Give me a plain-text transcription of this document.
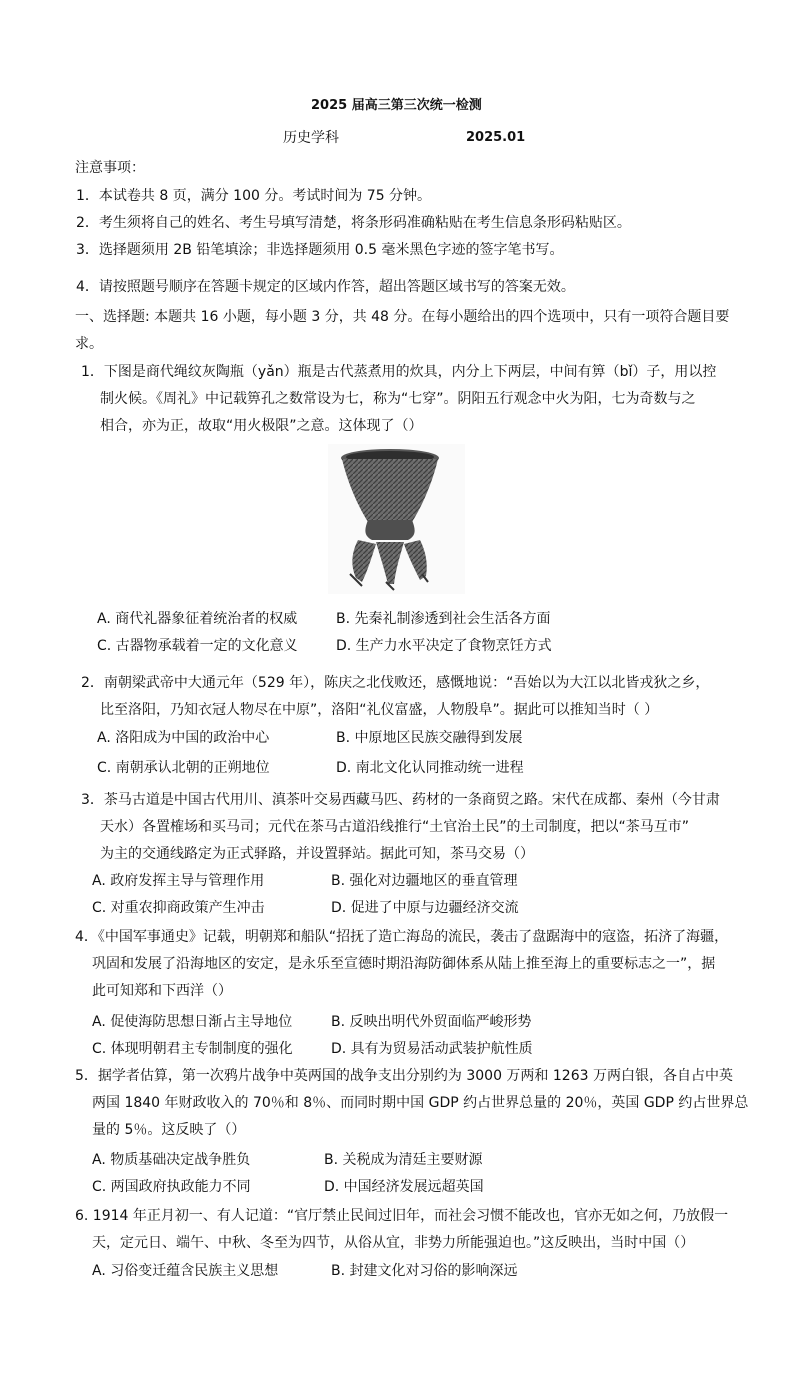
2025 届高三第三次统一检测
历史学科	2025.01
注意事项：
1．本试卷共 8 页，满分 100 分。考试时间为 75 分钟。
2．考生须将自己的姓名、考生号填写清楚，将条形码准确粘贴在考生信息条形码粘贴区。
3．选择题须用 2B 铅笔填涂；非选择题须用 0.5 毫米黑色字迹的签字笔书写。
4．请按照题号顺序在答题卡规定的区域内作答，超出答题区域书写的答案无效。
一、选择题: 本题共 16 小题，每小题 3 分，共 48 分。在每小题给出的四个选项中，只有一项符合题目要
求。
1．下图是商代绳纹灰陶瓶（yǎn）瓶是古代蒸煮用的炊具，内分上下两层，中间有箅（bǐ）子，用以控
制火候。《周礼》中记载箅孔之数常设为七，称为“七穿”。阴阳五行观念中火为阳，七为奇数与之
相合，亦为正，故取“用火极限”之意。这体现了（）
A. 商代礼器象征着统治者的权威	B. 先秦礼制渗透到社会生活各方面
C. 古器物承载着一定的文化意义	D. 生产力水平决定了食物烹饪方式
2．南朝梁武帝中大通元年（529 年），陈庆之北伐败还，感慨地说：“吾始以为大江以北皆戎狄之乡，
比至洛阳，乃知衣冠人物尽在中原”，洛阳“礼仪富盛，人物殷阜”。据此可以推知当时（ ）
A. 洛阳成为中国的政治中心	B. 中原地区民族交融得到发展
C. 南朝承认北朝的正朔地位	D. 南北文化认同推动统一进程
3．茶马古道是中国古代用川、滇茶叶交易西藏马匹、药材的一条商贸之路。宋代在成都、秦州（今甘肃
天水）各置榷场和买马司；元代在茶马古道沿线推行“土官治土民”的土司制度，把以“茶马互市”
为主的交通线路定为正式驿路，并设置驿站。据此可知，茶马交易（）
A. 政府发挥主导与管理作用	B. 强化对边疆地区的垂直管理
C. 对重农抑商政策产生冲击	D. 促进了中原与边疆经济交流
4．《中国军事通史》记载，明朝郑和船队“招抚了造亡海岛的流民，袭击了盘踞海中的寇盗，拓济了海疆，
巩固和发展了沿海地区的安定，是永乐至宣德时期沿海防御体系从陆上推至海上的重要标志之一”，据
此可知郑和下西洋（）
A. 促使海防思想日渐占主导地位	B. 反映出明代外贸面临严峻形势
C. 体现明朝君主专制制度的强化	D. 具有为贸易活动武装护航性质
5．据学者估算，第一次鸦片战争中英两国的战争支出分别约为 3000 万两和 1263 万两白银，各自占中英
两国 1840 年财政收入的 70％和 8％、而同时期中国 GDP 约占世界总量的 20％，英国 GDP 约占世界总
量的 5％。这反映了（）
A. 物质基础决定战争胜负	B. 关税成为清廷主要财源
C. 两国政府执政能力不同	D. 中国经济发展远超英国
6. 1914 年正月初一、有人记道：“官厅禁止民间过旧年，而社会习惯不能改也，官亦无如之何，乃放假一
天，定元日、端午、中秋、冬至为四节，从俗从宜，非势力所能强迫也。”这反映出，当时中国（）
A. 习俗变迁蕴含民族主义思想	B. 封建文化对习俗的影响深远
